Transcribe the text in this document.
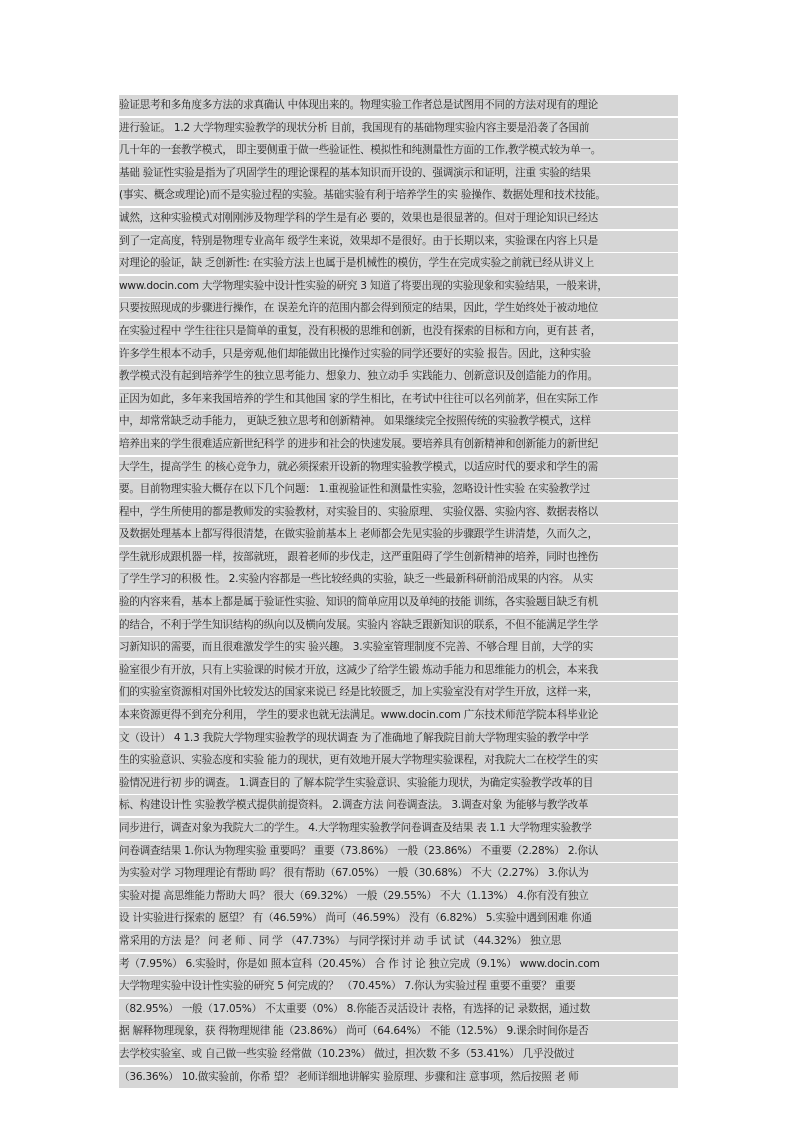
验证思考和多角度多方法的求真确认 中体现出来的。物理实验工作者总是试图用不同的方法对现有的理论
进行验证。 1.2 大学物理实验教学的现状分析 目前，我国现有的基础物理实验内容主要是沿袭了各国前
几十年的一套教学模式， 即主要侧重于做一些验证性、模拟性和纯测量性方面的工作,教学模式较为单一。
基础 验证性实验是指为了巩固学生的理论课程的基本知识而开设的、强调演示和证明，注重 实验的结果
(事实、概念或理论)而不是实验过程的实验。基础实验有利于培养学生的实 验操作、数据处理和技术技能。
诚然，这种实验模式对刚刚涉及物理学科的学生是有必 要的，效果也是很显著的。但对于理论知识已经达
到了一定高度，特别是物理专业高年 级学生来说，效果却不是很好。由于长期以来，实验课在内容上只是
对理论的验证，缺 乏创新性: 在实验方法上也属于是机械性的模仿，学生在完成实验之前就已经从讲义上
www.docin.com 大学物理实验中设计性实验的研究 3 知道了将要出现的实验现象和实验结果，一般来讲，
只要按照现成的步骤进行操作，在 误差允许的范围内都会得到预定的结果，因此，学生始终处于被动地位
在实验过程中 学生往往只是简单的重复，没有积极的思维和创新，也没有探索的目标和方向，更有甚 者，
许多学生根本不动手，只是旁观,他们却能做出比操作过实验的同学还要好的实验 报告。因此，这种实验
教学模式没有起到培养学生的独立思考能力、想象力、独立动手 实践能力、创新意识及创造能力的作用。
正因为如此，多年来我国培养的学生和其他国 家的学生相比，在考试中往往可以名列前茅，但在实际工作
中，却常常缺乏动手能力， 更缺乏独立思考和创新精神。 如果继续完全按照传统的实验教学模式，这样
培养出来的学生很难适应新世纪科学 的进步和社会的快速发展。要培养具有创新精神和创新能力的新世纪
大学生，提高学生 的核心竞争力，就必须探索开设新的物理实验教学模式，以适应时代的要求和学生的需
要。目前物理实验大概存在以下几个问题： 1.重视验证性和测量性实验，忽略设计性实验 在实验教学过
程中，学生所使用的都是教师发的实验教材，对实验目的、实验原理、 实验仪器、实验内容、数据表格以
及数据处理基本上都写得很清楚，在做实验前基本上 老师都会先见实验的步骤跟学生讲清楚，久而久之，
学生就形成跟机器一样，按部就班， 跟着老师的步伐走，这严重阻碍了学生创新精神的培养，同时也挫伤
了学生学习的积极 性。 2.实验内容都是一些比较经典的实验，缺乏一些最新科研前沿成果的内容。 从实
验的内容来看，基本上都是属于验证性实验、知识的简单应用以及单纯的技能 训练，各实验题目缺乏有机
的结合，不利于学生知识结构的纵向以及横向发展。实验内 容缺乏跟新知识的联系，不但不能满足学生学
习新知识的需要，而且很难激发学生的实 验兴趣。 3.实验室管理制度不完善、不够合理 目前，大学的实
验室很少有开放，只有上实验课的时候才开放，这减少了给学生锻 炼动手能力和思维能力的机会，本来我
们的实验室资源相对国外比较发达的国家来说已 经是比较匮乏，加上实验室没有对学生开放，这样一来，
本来资源更得不到充分利用， 学生的要求也就无法满足。www.docin.com 广东技术师范学院本科毕业论
文（设计） 4 1.3 我院大学物理实验教学的现状调查 为了准确地了解我院目前大学物理实验的教学中学
生的实验意识、实验态度和实验 能力的现状，更有效地开展大学物理实验课程，对我院大二在校学生的实
验情况进行初 步的调查。 1.调查目的 了解本院学生实验意识、实验能力现状，为确定实验教学改革的目
标、构建设计性 实验教学模式提供前提资料。 2.调查方法 问卷调查法。 3.调查对象 为能够与教学改革
同步进行，调查对象为我院大二的学生。 4.大学物理实验教学问卷调查及结果 表 1.1 大学物理实验教学
问卷调查结果 1.你认为物理实验 重要吗？ 重要（73.86%） 一般（23.86%） 不重要（2.28%） 2.你认
为实验对学 习物理理论有帮助 吗？ 很有帮助（67.05%） 一般（30.68%） 不大（2.27%） 3.你认为
实验对提 高思维能力帮助大 吗？ 很大（69.32%） 一般（29.55%） 不大（1.13%） 4.你有没有独立
设 计实验进行探索的 愿望？ 有（46.59%） 尚可（46.59%） 没有（6.82%） 5.实验中遇到困难 你通
常采用的方法 是？ 问 老 师 、同 学 （47.73%） 与同学探讨并 动 手 试 试 （44.32%） 独立思
考（7.95%） 6.实验时，你是如 照本宣科（20.45%） 合 作 讨 论 独立完成（9.1%） www.docin.com
大学物理实验中设计性实验的研究 5 何完成的？ （70.45%） 7.你认为实验过程 重要不重要？ 重要
（82.95%） 一般（17.05%） 不太重要（0%） 8.你能否灵活设计 表格，有选择的记 录数据，通过数
据 解释物理现象，获 得物理规律 能（23.86%） 尚可（64.64%） 不能（12.5%） 9.课余时间你是否
去学校实验室、或 自己做一些实验 经常做（10.23%） 做过，担次数 不多（53.41%） 几乎没做过
（36.36%） 10.做实验前，你希 望？ 老师详细地讲解实 验原理、步骤和注 意事项，然后按照 老 师
